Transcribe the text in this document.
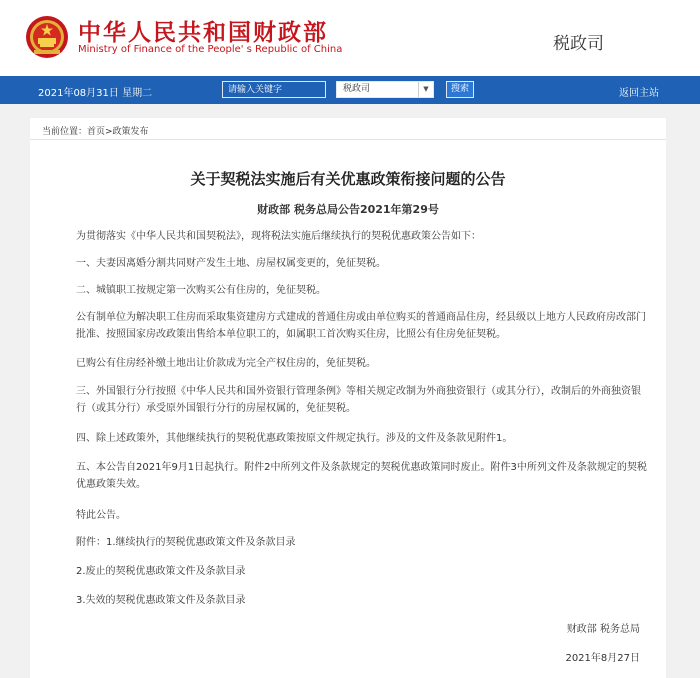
中华人民共和国财政部
Ministry of Finance of the People' s Republic of China	税政司
2021年08月31日 星期二
请输入关键字	税政司	▼	搜索	返回主站
当前位置：首页>政策发布
关于契税法实施后有关优惠政策衔接问题的公告
财政部 税务总局公告2021年第29号

为贯彻落实《中华人民共和国契税法》，现将税法实施后继续执行的契税优惠政策公告如下：

一、夫妻因离婚分割共同财产发生土地、房屋权属变更的，免征契税。

二、城镇职工按规定第一次购买公有住房的，免征契税。

公有制单位为解决职工住房而采取集资建房方式建成的普通住房或由单位购买的普通商品住房，经县级以上地方人民政府房改部门批准、按照国家房改政策出售给本单位职工的，如属职工首次购买住房，比照公有住房免征契税。

已购公有住房经补缴土地出让价款成为完全产权住房的，免征契税。

三、外国银行分行按照《中华人民共和国外资银行管理条例》等相关规定改制为外商独资银行（或其分行），改制后的外商独资银行（或其分行）承受原外国银行分行的房屋权属的，免征契税。

四、除上述政策外，其他继续执行的契税优惠政策按原文件规定执行。涉及的文件及条款见附件1。

五、本公告自2021年9月1日起执行。附件2中所列文件及条款规定的契税优惠政策同时废止。附件3中所列文件及条款规定的契税优惠政策失效。

特此公告。

附件：1.继续执行的契税优惠政策文件及条款目录

2.废止的契税优惠政策文件及条款目录

3.失效的契税优惠政策文件及条款目录

财政部 税务总局
2021年8月27日
